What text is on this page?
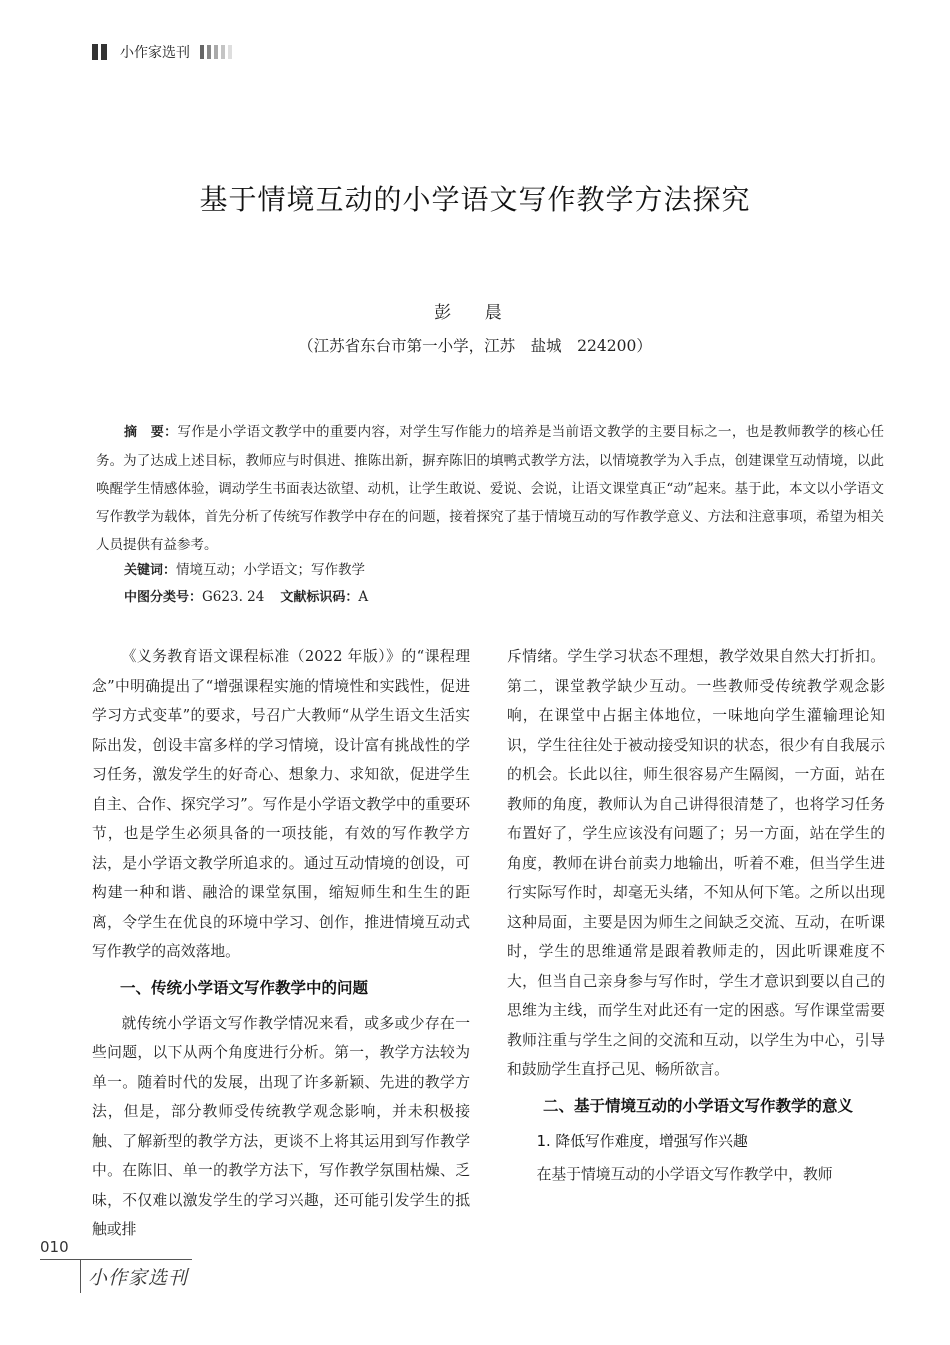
小作家选刊
基于情境互动的小学语文写作教学方法探究
彭 晨
（江苏省东台市第一小学，江苏　盐城　224200）
摘　要：写作是小学语文教学中的重要内容，对学生写作能力的培养是当前语文教学的主要目标之一，也是教师教学的核心任务。为了达成上述目标，教师应与时俱进、推陈出新，摒弃陈旧的填鸭式教学方法，以情境教学为入手点，创建课堂互动情境，以此唤醒学生情感体验，调动学生书面表达欲望、动机，让学生敢说、爱说、会说，让语文课堂真正“动”起来。基于此，本文以小学语文写作教学为载体，首先分析了传统写作教学中存在的问题，接着探究了基于情境互动的写作教学意义、方法和注意事项，希望为相关人员提供有益参考。
关键词：情境互动；小学语文；写作教学
中图分类号：G623. 24 文献标识码：A

《义务教育语文课程标准（2022 年版）》的“课程理念”中明确提出了“增强课程实施的情境性和实践性，促进学习方式变革”的要求，号召广大教师“从学生语文生活实际出发，创设丰富多样的学习情境，设计富有挑战性的学习任务，激发学生的好奇心、想象力、求知欲，促进学生自主、合作、探究学习”。写作是小学语文教学中的重要环节，也是学生必须具备的一项技能，有效的写作教学方法，是小学语文教学所追求的。通过互动情境的创设，可构建一种和谐、融洽的课堂氛围，缩短师生和生生的距离，令学生在优良的环境中学习、创作，推进情境互动式写作教学的高效落地。

一、传统小学语文写作教学中的问题

就传统小学语文写作教学情况来看，或多或少存在一些问题，以下从两个角度进行分析。第一，教学方法较为单一。随着时代的发展，出现了许多新颖、先进的教学方法，但是，部分教师受传统教学观念影响，并未积极接触、了解新型的教学方法，更谈不上将其运用到写作教学中。在陈旧、单一的教学方法下，写作教学氛围枯燥、乏味，不仅难以激发学生的学习兴趣，还可能引发学生的抵触或排

斥情绪。学生学习状态不理想，教学效果自然大打折扣。第二，课堂教学缺少互动。一些教师受传统教学观念影响，在课堂中占据主体地位，一味地向学生灌输理论知识，学生往往处于被动接受知识的状态，很少有自我展示的机会。长此以往，师生很容易产生隔阂，一方面，站在教师的角度，教师认为自己讲得很清楚了，也将学习任务布置好了，学生应该没有问题了；另一方面，站在学生的角度，教师在讲台前卖力地输出，听着不难，但当学生进行实际写作时，却毫无头绪，不知从何下笔。之所以出现这种局面，主要是因为师生之间缺乏交流、互动，在听课时，学生的思维通常是跟着教师走的，因此听课难度不大，但当自己亲身参与写作时，学生才意识到要以自己的思维为主线，而学生对此还有一定的困惑。写作课堂需要教师注重与学生之间的交流和互动，以学生为中心，引导和鼓励学生直抒己见、畅所欲言。

二、基于情境互动的小学语文写作教学的意义
1. 降低写作难度，增强写作兴趣

在基于情境互动的小学语文写作教学中，教师

010
小作家选刊
